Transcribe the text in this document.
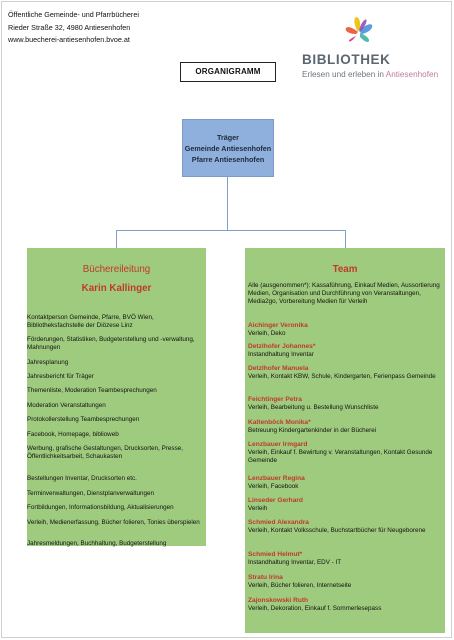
Öffentliche Gemeinde- und Pfarrbücherei
Rieder Straße 32, 4980 Antiesenhofen
www.buecherei-antiesenhofen.bvoe.at
BIBLIOTHEK
Erlesen und erleben in Antiesenhofen
ORGANIGRAMM
Träger
Gemeinde Antiesenhofen
Pfarre Antiesenhofen
Büchereileitung
Karin Kallinger
Kontaktperson Gemeinde, Pfarre, BVÖ Wien, Bibliotheksfachstelle der Diözese Linz
Förderungen, Statistiken, Budgeterstellung und -verwaltung, Mahnungen
Jahresplanung
Jahresbericht für Träger
Themenliste, Moderation Teambesprechungen
Moderation Veranstaltungen
Protokollerstellung Teambesprechungen
Facebook, Homepage, biblioweb
Werbung, grafische Gestaltungen, Drucksorten, Presse, Öffentlichkeitsarbeit, Schaukasten
Bestellungen Inventar, Drucksorten etc.
Terminverwaltungen, Dienstplanverwaltungen
Fortbildungen, Informationsbildung, Aktualisierungen
Verleih, Medienerfassung, Bücher folieren, Tonies überspielen
Jahresmeldungen, Buchhaltung, Budgeterstellung
Team
Alle (ausgenommen*): Kassaführung, Einkauf Medien, Aussortierung Medien, Organisation und Durchführung von Veranstaltungen, Media2go, Vorbereitung Medien für Verleih
Aichinger Veronika
Verleih, Deko
Detzlhofer Johannes*
Instandhaltung Inventar
Detzlhofer Manuela
Verleih, Kontakt KBW, Schule, Kindergarten, Ferienpass Gemeinde
Feichtinger Petra
Verleih, Bearbeitung u. Bestellung Wunschliste
Kaltenböck Monika*
Betreuung Kindergartenkinder in der Bücherei
Lenzbauer Irmgard
Verleih, Einkauf f. Bewirtung v. Veranstaltungen, Kontakt Gesunde Gemeinde
Lenzbauer Regina
Verleih, Facebook
Linseder Gerhard
Verleih
Schmied Alexandra
Verleih, Kontakt Volksschule, Buchstartbücher für Neugeborene
Schmied Helmut*
Instandhaltung Inventar, EDV - IT
Stratu Irina
Verleih, Bücher folieren, Internetseite
Zajonskowski Ruth
Verleih, Dekoration, Einkauf f. Sommerlesepass
